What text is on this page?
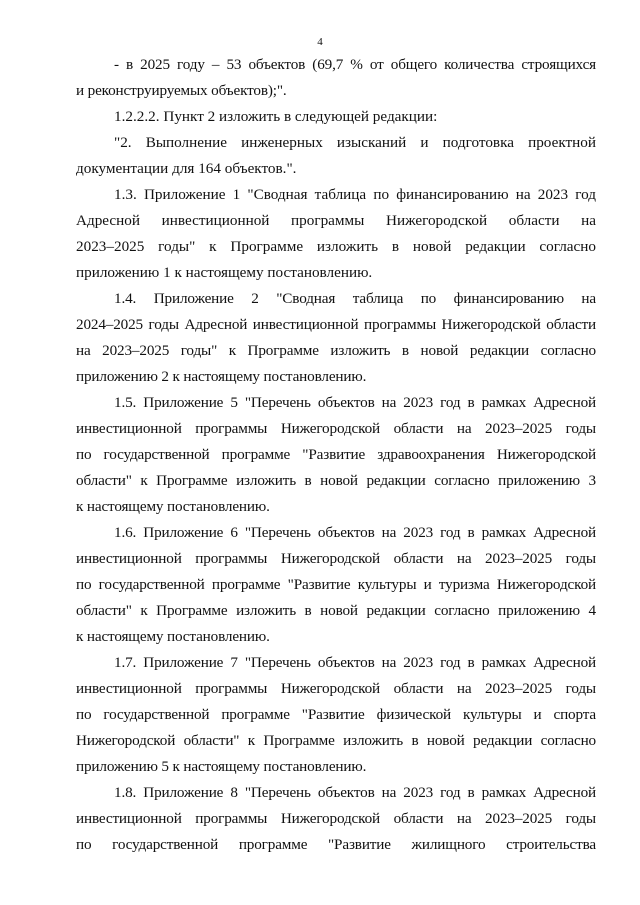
4
- в 2025 году – 53 объектов (69,7 % от общего количества строящихся
и реконструируемых объектов);".
1.2.2.2. Пункт 2 изложить в следующей редакции:
"2. Выполнение инженерных изысканий и подготовка проектной
документации для 164 объектов.".
1.3. Приложение 1 "Сводная таблица по финансированию на 2023 год
Адресной инвестиционной программы Нижегородской области на
2023–2025 годы" к Программе изложить в новой редакции согласно
приложению 1 к настоящему постановлению.
1.4. Приложение 2 "Сводная таблица по финансированию на
2024–2025 годы Адресной инвестиционной программы Нижегородской области
на 2023–2025 годы" к Программе изложить в новой редакции согласно
приложению 2 к настоящему постановлению.
1.5. Приложение 5 "Перечень объектов на 2023 год в рамках Адресной
инвестиционной программы Нижегородской области на 2023–2025 годы
по государственной программе "Развитие здравоохранения Нижегородской
области" к Программе изложить в новой редакции согласно приложению 3
к настоящему постановлению.
1.6. Приложение 6 "Перечень объектов на 2023 год в рамках Адресной
инвестиционной программы Нижегородской области на 2023–2025 годы
по государственной программе "Развитие культуры и туризма Нижегородской
области" к Программе изложить в новой редакции согласно приложению 4
к настоящему постановлению.
1.7. Приложение 7 "Перечень объектов на 2023 год в рамках Адресной
инвестиционной программы Нижегородской области на 2023–2025 годы
по государственной программе "Развитие физической культуры и спорта
Нижегородской области" к Программе изложить в новой редакции согласно
приложению 5 к настоящему постановлению.
1.8. Приложение 8 "Перечень объектов на 2023 год в рамках Адресной
инвестиционной программы Нижегородской области на 2023–2025 годы
по государственной программе "Развитие жилищного строительства
